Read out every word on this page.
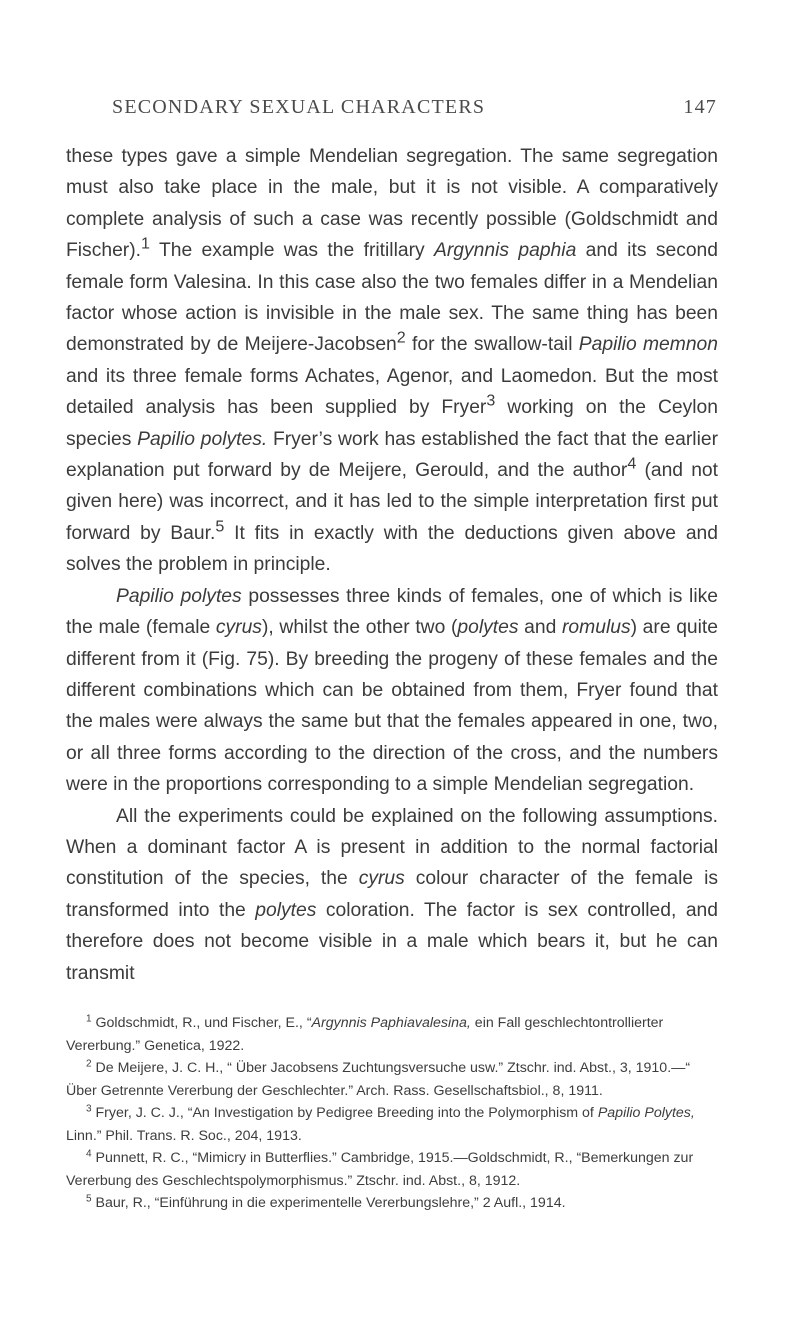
SECONDARY SEXUAL CHARACTERS	147

these types gave a simple Mendelian segregation. The same segregation must also take place in the male, but it is not visible. A comparatively complete analysis of such a case was recently possible (Goldschmidt and Fischer).$^1$ The example was the fritillary Argynnis paphia and its second female form Valesina. In this case also the two females differ in a Mendelian factor whose action is invisible in the male sex. The same thing has been demonstrated by de Meijere-Jacobsen$^2$ for the swallow-tail Papilio memnon and its three female forms Achates, Agenor, and Laomedon. But the most detailed analysis has been supplied by Fryer$^3$ working on the Ceylon species Papilio polytes. Fryer’s work has established the fact that the earlier explanation put forward by de Meijere, Gerould, and the author$^4$ (and not given here) was incorrect, and it has led to the simple interpretation first put forward by Baur.$^5$ It fits in exactly with the deductions given above and solves the problem in principle.

Papilio polytes possesses three kinds of females, one of which is like the male (female cyrus), whilst the other two (polytes and romulus) are quite different from it (Fig. 75). By breeding the progeny of these females and the different combinations which can be obtained from them, Fryer found that the males were always the same but that the females appeared in one, two, or all three forms according to the direction of the cross, and the numbers were in the proportions corresponding to a simple Mendelian segregation.

All the experiments could be explained on the following assumptions. When a dominant factor A is present in addition to the normal factorial constitution of the species, the cyrus colour character of the female is transformed into the polytes coloration. The factor is sex controlled, and therefore does not become visible in a male which bears it, but he can transmit

$^1$ Goldschmidt, R., und Fischer, E., “Argynnis Paphiavalesina, ein Fall geschlechtontrollierter Vererbung.” Genetica, 1922.

$^2$ De Meijere, J. C. H., “ Über Jacobsens Zuchtungsversuche usw.” Ztschr. ind. Abst., 3, 1910.—“ Über Getrennte Vererbung der Geschlechter.” Arch. Rass. Gesellschaftsbiol., 8, 1911.

$^3$ Fryer, J. C. J., “An Investigation by Pedigree Breeding into the Polymorphism of Papilio Polytes, Linn.” Phil. Trans. R. Soc., 204, 1913.

$^4$ Punnett, R. C., “Mimicry in Butterflies.” Cambridge, 1915.—Goldschmidt, R., “Bemerkungen zur Vererbung des Geschlechtspolymorphismus.” Ztschr. ind. Abst., 8, 1912.

$^5$ Baur, R., “Einführung in die experimentelle Vererbungslehre,” 2 Aufl., 1914.
